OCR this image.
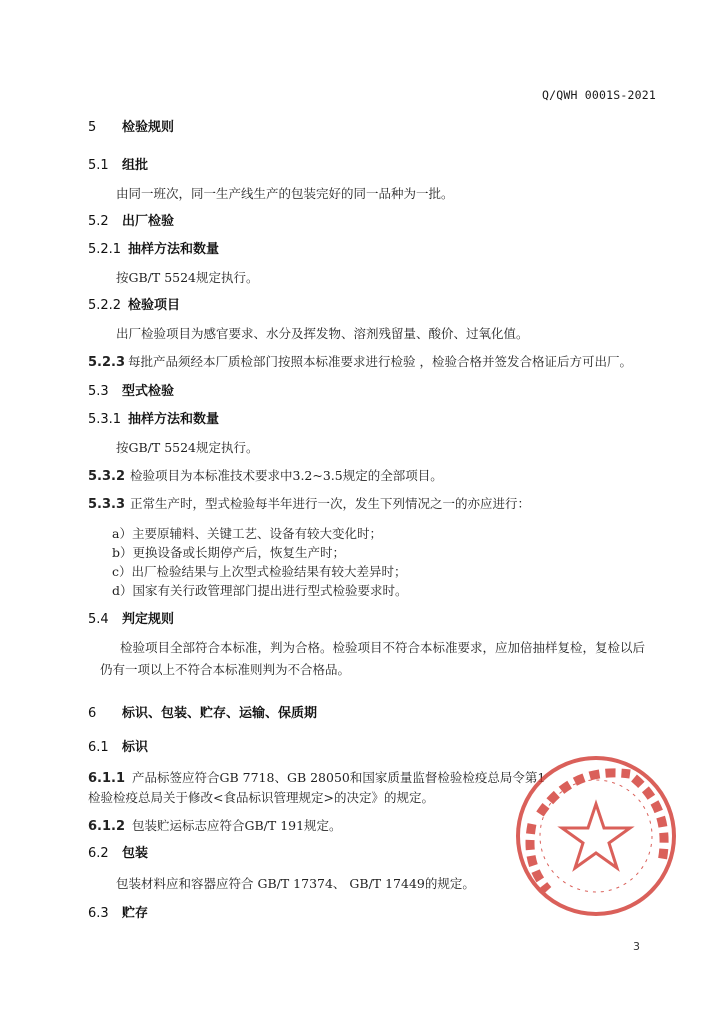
Q/QWH 0001S-2021
5 检验规则
5.1 组批
由同一班次，同一生产线生产的包装完好的同一品种为一批。
5.2 出厂检验
5.2.1 抽样方法和数量
按GB/T 5524规定执行。
5.2.2 检验项目
出厂检验项目为感官要求、水分及挥发物、溶剂残留量、酸价、过氧化值。
5.2.3 每批产品须经本厂质检部门按照本标准要求进行检验 ，检验合格并签发合格证后方可出厂。
5.3 型式检验
5.3.1 抽样方法和数量
按GB/T 5524规定执行。
5.3.2 检验项目为本标准技术要求中3.2~3.5规定的全部项目。
5.3.3 正常生产时，型式检验每半年进行一次，发生下列情况之一的亦应进行：
a）主要原辅料、关键工艺、设备有较大变化时；
b）更换设备或长期停产后，恢复生产时；
c）出厂检验结果与上次型式检验结果有较大差异时；
d）国家有关行政管理部门提出进行型式检验要求时。
5.4 判定规则
检验项目全部符合本标准，判为合格。检验项目不符合本标准要求，应加倍抽样复检，复检以后
仍有一项以上不符合本标准则判为不合格品。
6 标识、包装、贮存、运输、保质期
6.1 标识
6.1.1 产品标签应符合GB 7718、GB 28050和国家质量监督检验检疫总局令第1
检验检疫总局关于修改<食品标识管理规定>的决定》的规定。
6.1.2 包装贮运标志应符合GB/T 191规定。
6.2 包装
包装材料应和容器应符合 GB/T 17374、 GB/T 17449的规定。
6.3 贮存
3
